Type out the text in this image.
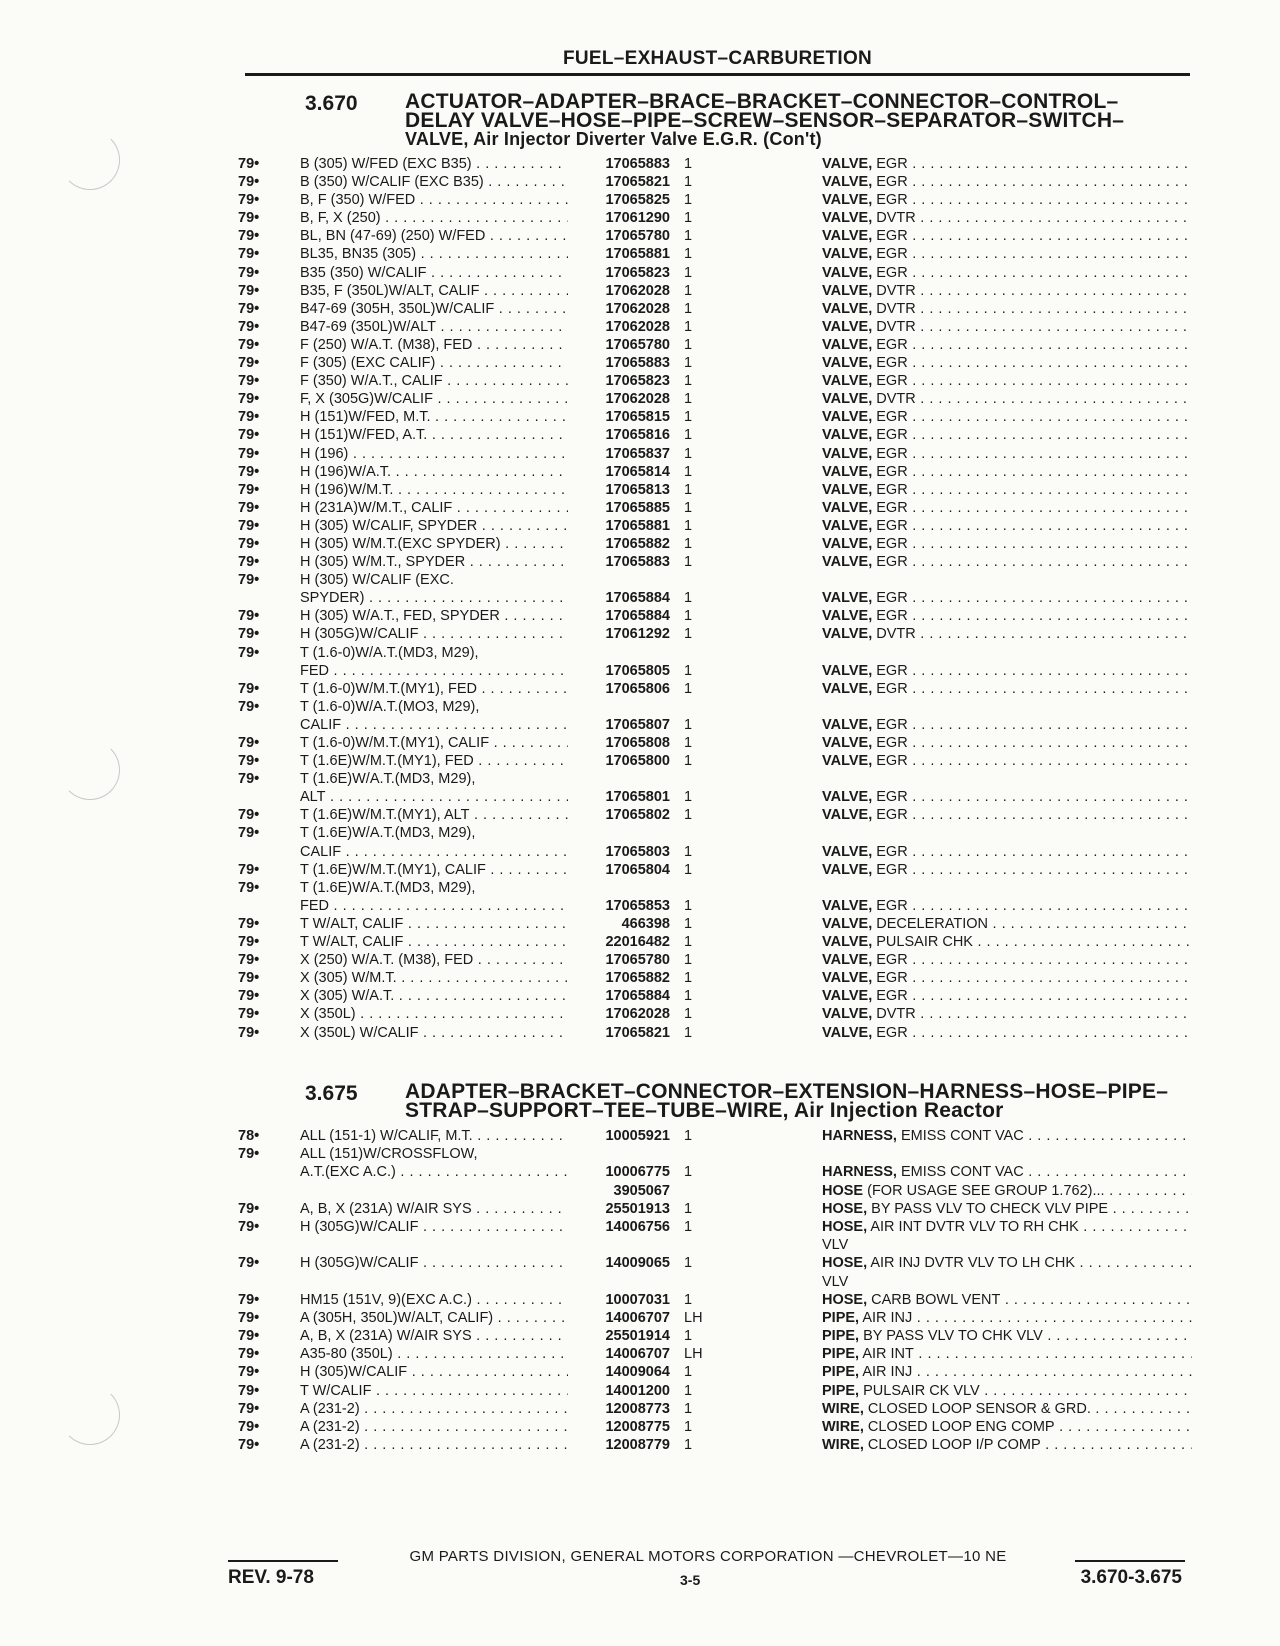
FUEL–EXHAUST–CARBURETION
3.670 ACTUATOR–ADAPTER–BRACE–BRACKET–CONNECTOR–CONTROL–
DELAY VALVE–HOSE–PIPE–SCREW–SENSOR–SEPARATOR–SWITCH–
VALVE, Air Injector Diverter Valve E.G.R. (Con't)
79•	B (305) W/FED (EXC B35) . . .	17065883 1	VALVE, EGR . . .
79•	B (350) W/CALIF (EXC B35) . . .	17065821 1	VALVE, EGR . . .
79•	B, F (350) W/FED . . .	17065825 1	VALVE, EGR . . .
79•	B, F, X (250) . . .	17061290 1	VALVE, DVTR . . .
79•	BL, BN (47-69) (250) W/FED . . .	17065780 1	VALVE, EGR . . .
79•	BL35, BN35 (305) . . .	17065881 1	VALVE, EGR . . .
79•	B35 (350) W/CALIF . . .	17065823 1	VALVE, EGR . . .
79•	B35, F (350L)W/ALT, CALIF . . .	17062028 1	VALVE, DVTR . . .
79•	B47-69 (305H, 350L)W/CALIF . . .	17062028 1	VALVE, DVTR . . .
79•	B47-69 (350L)W/ALT . . .	17062028 1	VALVE, DVTR . . .
79•	F (250) W/A.T. (M38), FED . . .	17065780 1	VALVE, EGR . . .
79•	F (305) (EXC CALIF) . . .	17065883 1	VALVE, EGR . . .
79•	F (350) W/A.T., CALIF . . .	17065823 1	VALVE, EGR . . .
79•	F, X (305G)W/CALIF . . .	17062028 1	VALVE, DVTR . . .
79•	H (151)W/FED, M.T. . . .	17065815 1	VALVE, EGR . . .
79•	H (151)W/FED, A.T. . . .	17065816 1	VALVE, EGR . . .
79•	H (196) . . .	17065837 1	VALVE, EGR . . .
79•	H (196)W/A.T. . . .	17065814 1	VALVE, EGR . . .
79•	H (196)W/M.T. . . .	17065813 1	VALVE, EGR . . .
79•	H (231A)W/M.T., CALIF . . .	17065885 1	VALVE, EGR . . .
79•	H (305) W/CALIF, SPYDER . . .	17065881 1	VALVE, EGR . . .
79•	H (305) W/M.T.(EXC SPYDER) . . .	17065882 1	VALVE, EGR . . .
79•	H (305) W/M.T., SPYDER . . .	17065883 1	VALVE, EGR . . .
79•	H (305) W/CALIF (EXC.
SPYDER) . . .	17065884 1	VALVE, EGR . . .
79•	H (305) W/A.T., FED, SPYDER . . .	17065884 1	VALVE, EGR . . .
79•	H (305G)W/CALIF . . .	17061292 1	VALVE, DVTR . . .
79•	T (1.6-0)W/A.T.(MD3, M29),
FED . . .	17065805 1	VALVE, EGR . . .
79•	T (1.6-0)W/M.T.(MY1), FED . . .	17065806 1	VALVE, EGR . . .
79•	T (1.6-0)W/A.T.(MO3, M29),
CALIF . . .	17065807 1	VALVE, EGR . . .
79•	T (1.6-0)W/M.T.(MY1), CALIF . . .	17065808 1	VALVE, EGR . . .
79•	T (1.6E)W/M.T.(MY1), FED . . .	17065800 1	VALVE, EGR . . .
79•	T (1.6E)W/A.T.(MD3, M29),
ALT . . .	17065801 1	VALVE, EGR . . .
79•	T (1.6E)W/M.T.(MY1), ALT . . .	17065802 1	VALVE, EGR . . .
79•	T (1.6E)W/A.T.(MD3, M29),
CALIF . . .	17065803 1	VALVE, EGR . . .
79•	T (1.6E)W/M.T.(MY1), CALIF . . .	17065804 1	VALVE, EGR . . .
79•	T (1.6E)W/A.T.(MD3, M29),
FED . . .	17065853 1	VALVE, EGR . . .
79•	T W/ALT, CALIF . . .	466398 1	VALVE, DECELERATION . . .
79•	T W/ALT, CALIF . . .	22016482 1	VALVE, PULSAIR CHK . . .
79•	X (250) W/A.T. (M38), FED . . .	17065780 1	VALVE, EGR . . .
79•	X (305) W/M.T. . . .	17065882 1	VALVE, EGR . . .
79•	X (305) W/A.T. . . .	17065884 1	VALVE, EGR . . .
79•	X (350L) . . .	17062028 1	VALVE, DVTR . . .
79•	X (350L) W/CALIF . . .	17065821 1	VALVE, EGR . . .
3.675 ADAPTER–BRACKET–CONNECTOR–EXTENSION–HARNESS–HOSE–PIPE–
STRAP–SUPPORT–TEE–TUBE–WIRE, Air Injection Reactor
78•	ALL (151-1) W/CALIF, M.T. . . .	10005921 1	HARNESS, EMISS CONT VAC . . .
79•	ALL (151)W/CROSSFLOW,
A.T.(EXC A.C.) . . .	10006775 1	HARNESS, EMISS CONT VAC . . .
3905067	HOSE (FOR USAGE SEE GROUP 1.762)... . . .
79•	A, B, X (231A) W/AIR SYS . . .	25501913 1	HOSE, BY PASS VLV TO CHECK VLV PIPE . . .
79•	H (305G)W/CALIF . . .	14006756 1	HOSE, AIR INT DVTR VLV TO RH CHK . . .
VLV
79•	H (305G)W/CALIF . . .	14009065 1	HOSE, AIR INJ DVTR VLV TO LH CHK . . .
VLV
79•	HM15 (151V, 9)(EXC A.C.) . . .	10007031 1	HOSE, CARB BOWL VENT . . .
79•	A (305H, 350L)W/ALT, CALIF) . . .	14006707 LH	PIPE, AIR INJ . . .
79•	A, B, X (231A) W/AIR SYS . . .	25501914 1	PIPE, BY PASS VLV TO CHK VLV . . .
79•	A35-80 (350L) . . .	14006707 LH	PIPE, AIR INT . . .
79•	H (305)W/CALIF . . .	14009064 1	PIPE, AIR INJ . . .
79•	T W/CALIF . . .	14001200 1	PIPE, PULSAIR CK VLV . . .
79•	A (231-2) . . .	12008773 1	WIRE, CLOSED LOOP SENSOR & GRD. . . .
79•	A (231-2) . . .	12008775 1	WIRE, CLOSED LOOP ENG COMP . . .
79•	A (231-2) . . .	12008779 1	WIRE, CLOSED LOOP I/P COMP . . .
GM PARTS DIVISION, GENERAL MOTORS CORPORATION —CHEVROLET—10 NE
REV. 9-78	3-5	3.670-3.675
